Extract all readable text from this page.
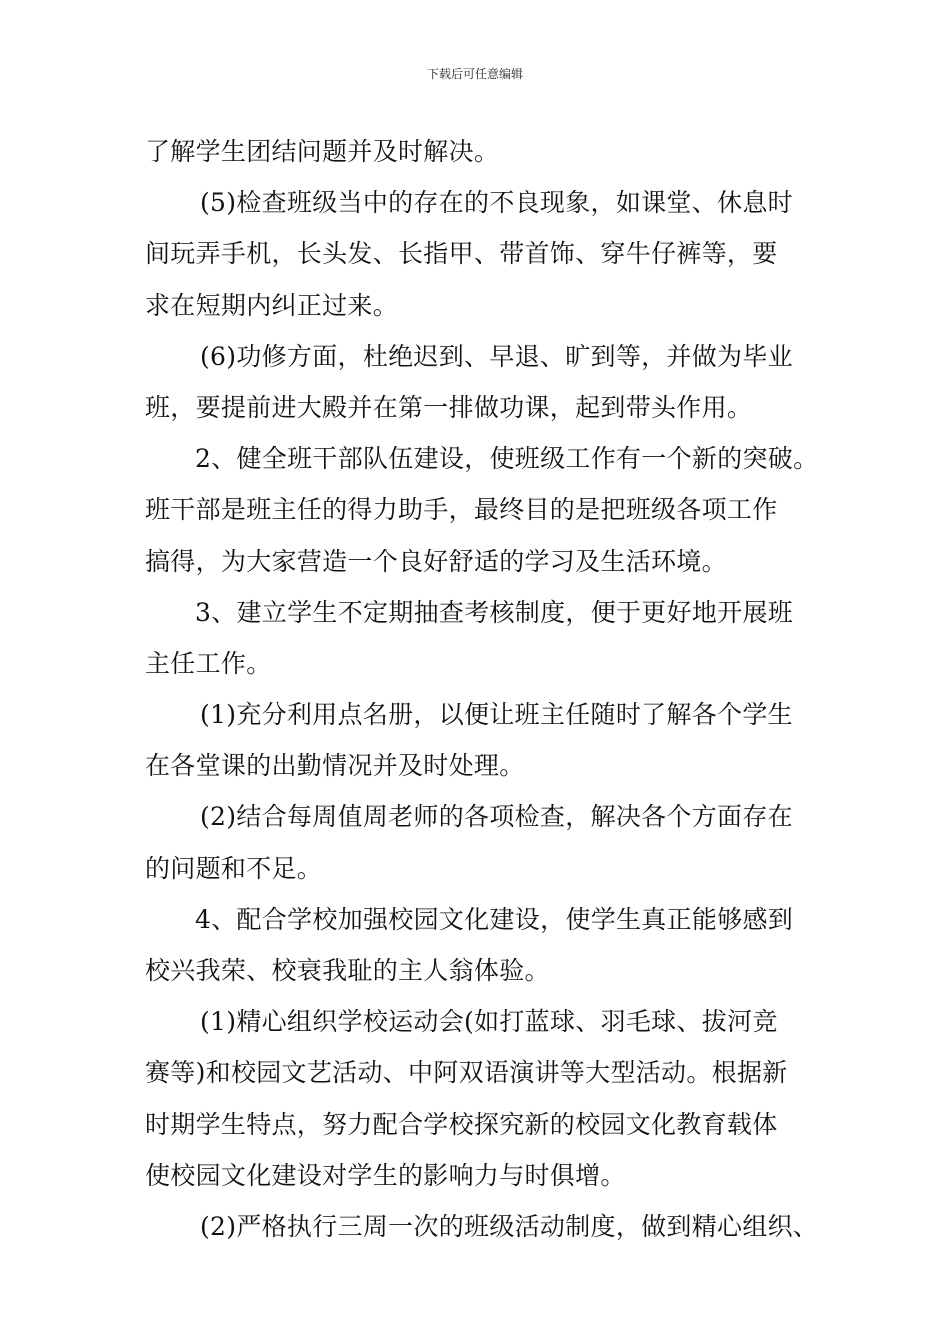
下载后可任意编辑
了解学生团结问题并及时解决。
(5)检查班级当中的存在的不良现象，如课堂、休息时
间玩弄手机，长头发、长指甲、带首饰、穿牛仔裤等，要
求在短期内纠正过来。
(6)功修方面，杜绝迟到、早退、旷到等，并做为毕业
班，要提前进大殿并在第一排做功课，起到带头作用。
2、健全班干部队伍建设，使班级工作有一个新的突破。
班干部是班主任的得力助手，最终目的是把班级各项工作
搞得，为大家营造一个良好舒适的学习及生活环境。
3、建立学生不定期抽查考核制度，便于更好地开展班
主任工作。
(1)充分利用点名册，以便让班主任随时了解各个学生
在各堂课的出勤情况并及时处理。
(2)结合每周值周老师的各项检查，解决各个方面存在
的问题和不足。
4、配合学校加强校园文化建设，使学生真正能够感到
校兴我荣、校衰我耻的主人翁体验。
(1)精心组织学校运动会(如打蓝球、羽毛球、拔河竞
赛等)和校园文艺活动、中阿双语演讲等大型活动。根据新
时期学生特点，努力配合学校探究新的校园文化教育载体
使校园文化建设对学生的影响力与时俱增。
(2)严格执行三周一次的班级活动制度，做到精心组织、
